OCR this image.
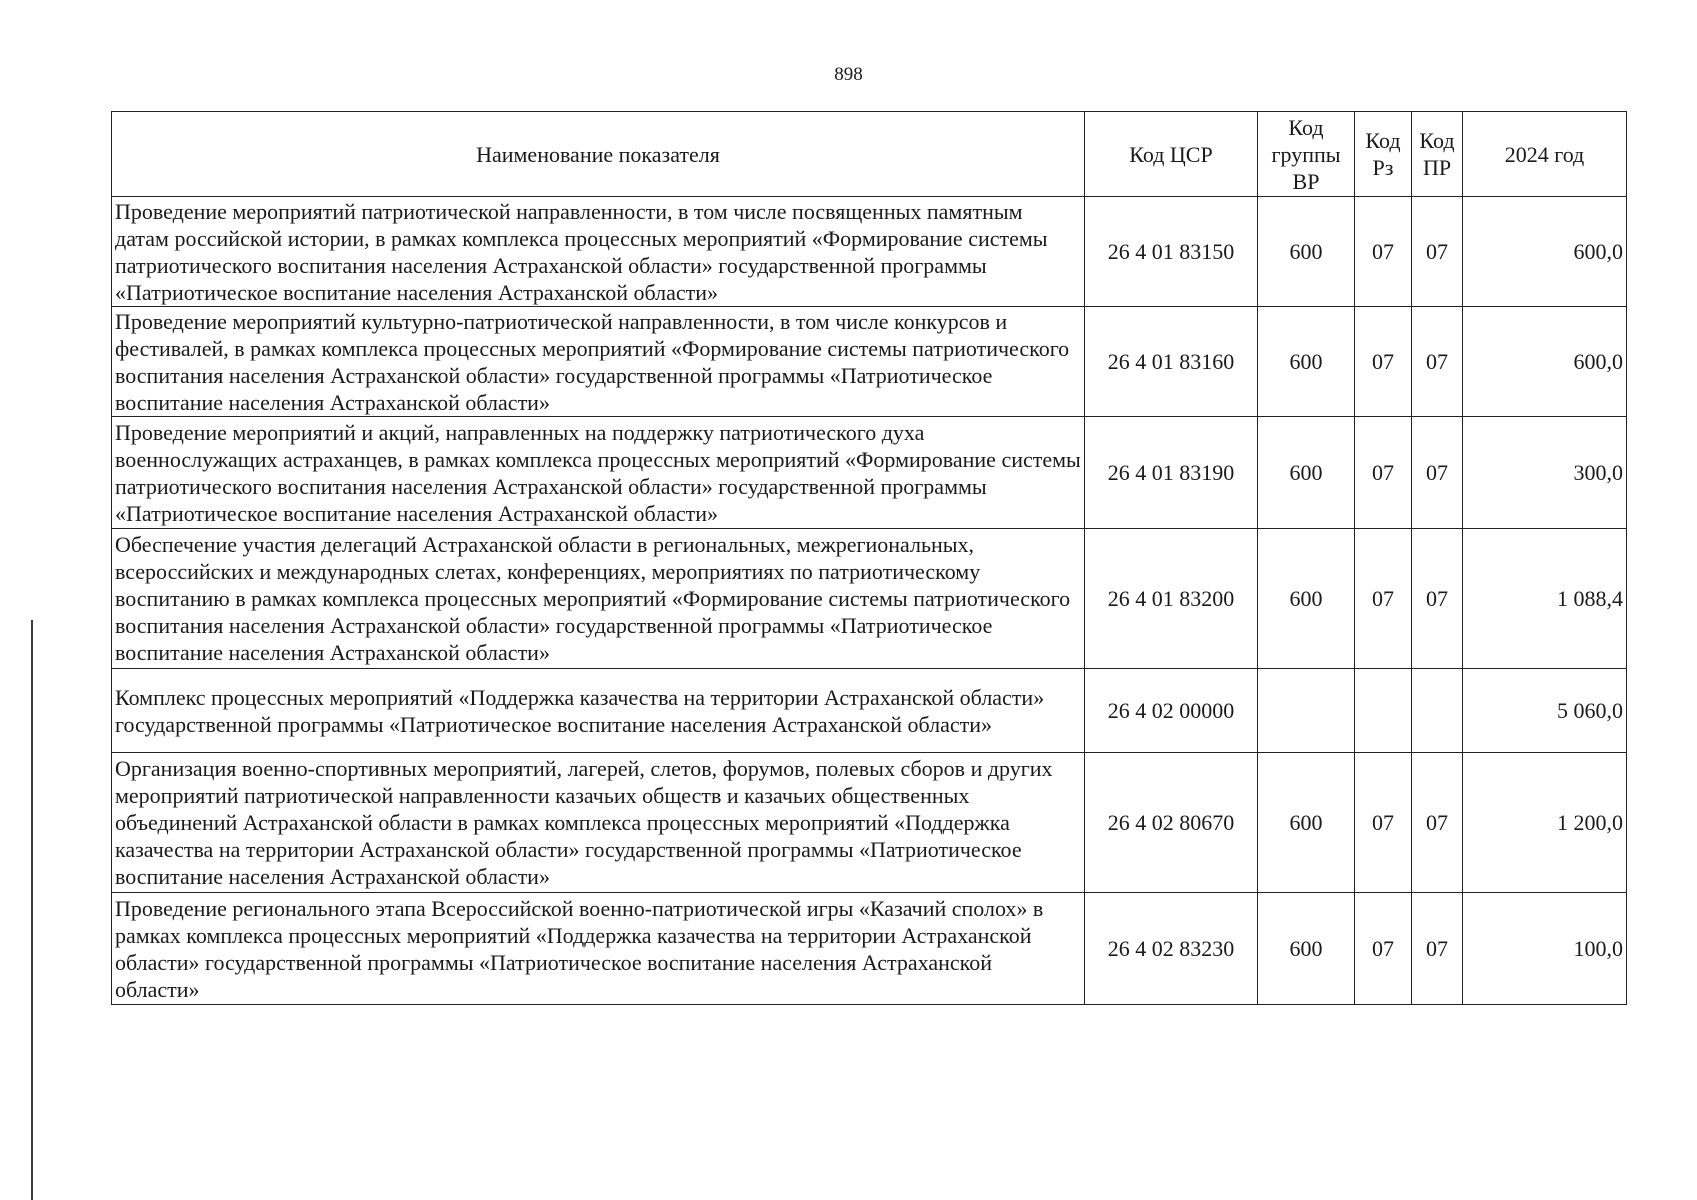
898
Наименование показателя	Код ЦСР	Код группы ВР	Код Рз	Код ПР	2024 год
Проведение мероприятий патриотической направленности, в том числе посвященных памятным датам российской истории, в рамках комплекса процессных мероприятий «Формирование системы патриотического воспитания населения Астраханской области» государственной программы «Патриотическое воспитание населения Астраханской области»	26 4 01 83150	600	07	07	600,0
Проведение мероприятий культурно-патриотической направленности, в том числе конкурсов и фестивалей, в рамках комплекса процессных мероприятий «Формирование системы патриотического воспитания населения Астраханской области» государственной программы «Патриотическое воспитание населения Астраханской области»	26 4 01 83160	600	07	07	600,0
Проведение мероприятий и акций, направленных на поддержку патриотического духа военнослужащих астраханцев, в рамках комплекса процессных мероприятий «Формирование системы патриотического воспитания населения Астраханской области» государственной программы «Патриотическое воспитание населения Астраханской области»	26 4 01 83190	600	07	07	300,0
Обеспечение участия делегаций Астраханской области в региональных, межрегиональных, всероссийских и международных слетах, конференциях, мероприятиях по патриотическому воспитанию в рамках комплекса процессных мероприятий «Формирование системы патриотического воспитания населения Астраханской области» государственной программы «Патриотическое воспитание населения Астраханской области»	26 4 01 83200	600	07	07	1 088,4
Комплекс процессных мероприятий «Поддержка казачества на территории Астраханской области» государственной программы «Патриотическое воспитание населения Астраханской области»	26 4 02 00000				5 060,0
Организация военно-спортивных мероприятий, лагерей, слетов, форумов, полевых сборов и других мероприятий патриотической направленности казачьих обществ и казачьих общественных объединений Астраханской области в рамках комплекса процессных мероприятий «Поддержка казачества на территории Астраханской области» государственной программы «Патриотическое воспитание населения Астраханской области»	26 4 02 80670	600	07	07	1 200,0
Проведение регионального этапа Всероссийской военно-патриотической игры «Казачий сполох» в рамках комплекса процессных мероприятий «Поддержка казачества на территории Астраханской области» государственной программы «Патриотическое воспитание населения Астраханской области»	26 4 02 83230	600	07	07	100,0
